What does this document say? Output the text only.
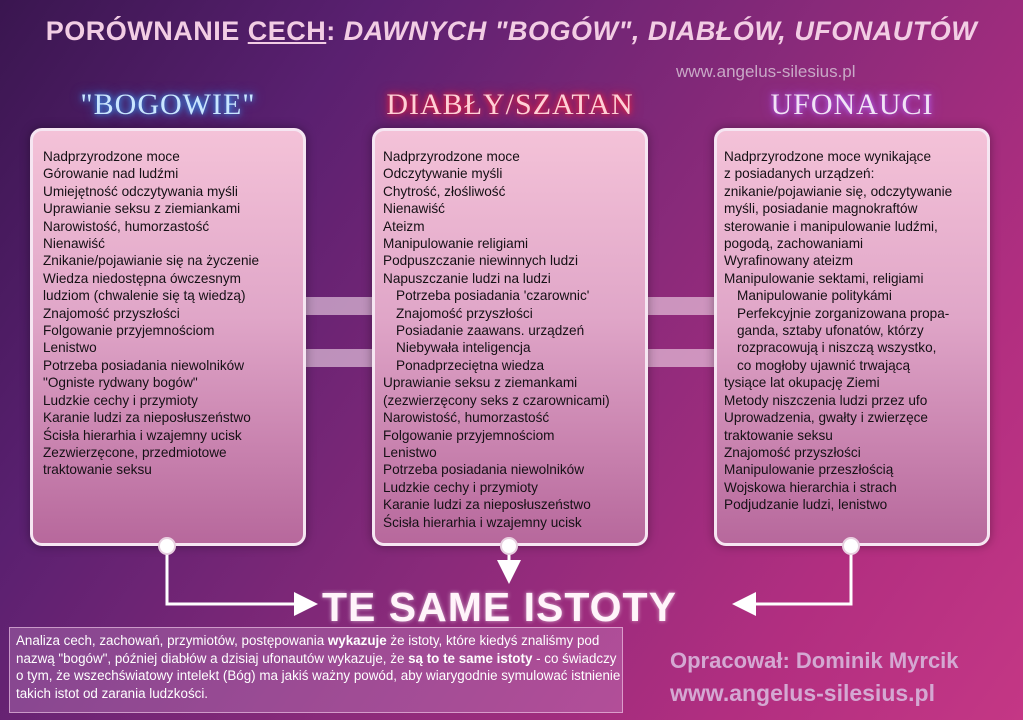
PORÓWNANIE CECH: DAWNYCH "BOGÓW", DIABŁÓW, UFONAUTÓW
www.angelus-silesius.pl
"BOGOWIE"	DIABŁY/SZATAN	UFONAUCI
Nadprzyrodzone moce
Górowanie nad ludźmi
Umiejętność odczytywania myśli
Uprawianie seksu z ziemiankami
Narowistość, humorzastość
Nienawiść
Znikanie/pojawianie się na życzenie
Wiedza niedostępna ówczesnym
ludziom (chwalenie się tą wiedzą)
Znajomość przyszłości
Folgowanie przyjemnościom
Lenistwo
Potrzeba posiadania niewolników
"Ogniste rydwany bogów"
Ludzkie cechy i przymioty
Karanie ludzi za nieposłuszeństwo
Ścisła hierarhia i wzajemny ucisk
Zezwierzęcone, przedmiotowe
traktowanie seksu
Nadprzyrodzone moce
Odczytywanie myśli
Chytrość, złośliwość
Nienawiść
Ateizm
Manipulowanie religiami
Podpuszczanie niewinnych ludzi
Napuszczanie ludzi na ludzi
Potrzeba posiadania 'czarownic'
Znajomość przyszłości
Posiadanie zaawans. urządzeń
Niebywała inteligencja
Ponadprzeciętna wiedza
Uprawianie seksu z ziemankami
(zezwierzęcony seks z czarownicami)
Narowistość, humorzastość
Folgowanie przyjemnościom
Lenistwo
Potrzeba posiadania niewolników
Ludzkie cechy i przymioty
Karanie ludzi za nieposłuszeństwo
Ścisła hierarhia i wzajemny ucisk
Nadprzyrodzone moce wynikające
z posiadanych urządzeń:
znikanie/pojawianie się, odczytywanie
myśli, posiadanie magnokraftów
sterowanie i manipulowanie ludźmi,
pogodą, zachowaniami
Wyrafinowany ateizm
Manipulowanie sektami, religiami
Manipulowanie politykámi
Perfekcyjnie zorganizowana propa-
ganda, sztaby ufonatów, którzy
rozpracowują i niszczą wszystko,
co mogłoby ujawnić trwającą
tysiące lat okupację Ziemi
Metody niszczenia ludzi przez ufo
Uprowadzenia, gwałty i zwierzęce
traktowanie seksu
Znajomość przyszłości
Manipulowanie przeszłością
Wojskowa hierarchia i strach
Podjudzanie ludzi, lenistwo
TE SAME ISTOTY
Analiza cech, zachowań, przymiotów, postępowania wykazuje że istoty, które kiedyś znaliśmy pod nazwą "bogów", później diabłów a dzisiaj ufonautów wykazuje, że są to te same istoty - co świadczy o tym, że wszechświatowy intelekt (Bóg) ma jakiś ważny powód, aby wiarygodnie symulować istnienie takich istot od zarania ludzkości.
Opracował: Dominik Myrcik
www.angelus-silesius.pl
